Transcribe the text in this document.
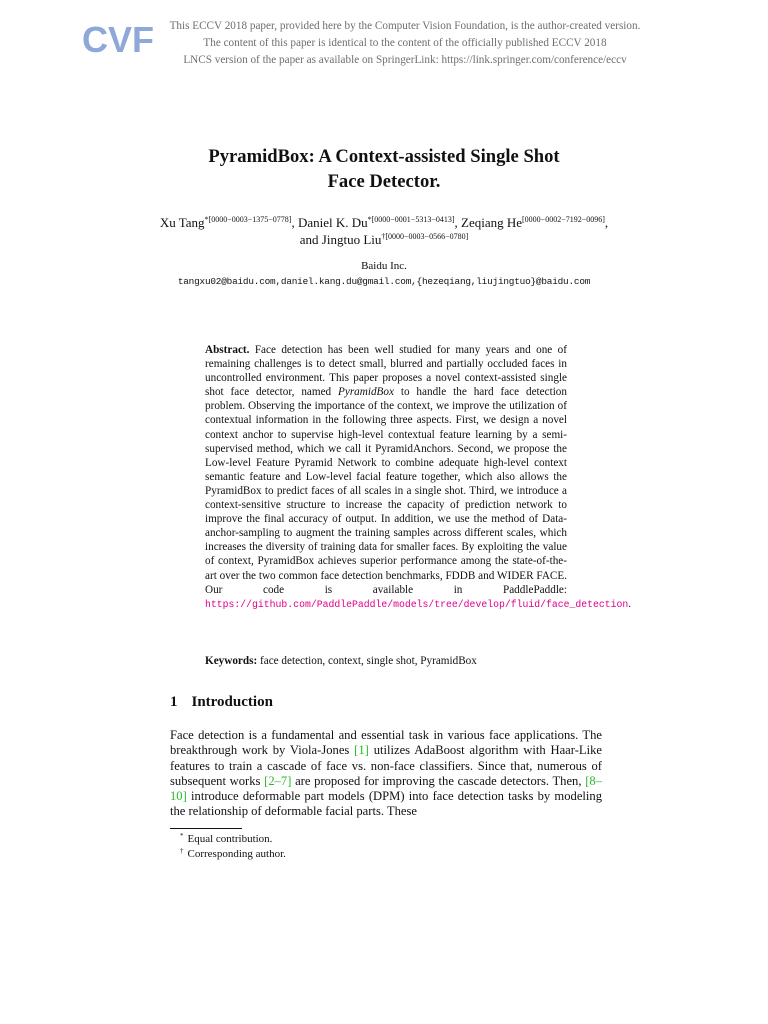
CVF	This ECCV 2018 paper, provided here by the Computer Vision Foundation, is the author-created version.
The content of this paper is identical to the content of the officially published ECCV 2018
LNCS version of the paper as available on SpringerLink: https://link.springer.com/conference/eccv
PyramidBox: A Context-assisted Single Shot
Face Detector.
Xu Tang$^{*[0000-0003-1375-0778]}$, Daniel K. $Du^{*[0000-0001-5313-0413]}$, Zeqiang He[0000−0002−7192−0096], and Jingtuo Liu$^{\dagger[0000-0003-0566-0780]}$
Baidu Inc.
tangxu02@baidu.com,daniel.kang.du@gmail.com,{hezeqiang,liujingtuo}@baidu.com
Abstract. Face detection has been well studied for many years and one of remaining challenges is to detect small, blurred and partially occluded faces in uncontrolled environment. This paper proposes a novel context-assisted single shot face detector, named PyramidBox to handle the hard face detection problem. Observing the importance of the context, we improve the utilization of contextual information in the following three aspects. First, we design a novel context anchor to supervise high-level contextual feature learning by a semi-supervised method, which we call it PyramidAnchors. Second, we propose the Low-level Feature Pyramid Network to combine adequate high-level context semantic feature and Low-level facial feature together, which also allows the PyramidBox to predict faces of all scales in a single shot. Third, we introduce a context-sensitive structure to increase the capacity of prediction network to improve the final accuracy of output. In addition, we use the method of Data-anchor-sampling to augment the training samples across different scales, which increases the diversity of training data for smaller faces. By exploiting the value of context, PyramidBox achieves superior performance among the state-of-the-art over the two common face detection benchmarks, FDDB and WIDER FACE. Our code is available in PaddlePaddle: https://github.com/PaddlePaddle/models/tree/develop/fluid/face_detection.
Keywords: face detection, context, single shot, PyramidBox
1 Introduction
Face detection is a fundamental and essential task in various face applications. The breakthrough work by Viola-Jones [1] utilizes AdaBoost algorithm with Haar-Like features to train a cascade of face vs. non-face classifiers. Since that, numerous of subsequent works [2–7] are proposed for improving the cascade detectors. Then, [8–10] introduce deformable part models (DPM) into face detection tasks by modeling the relationship of deformable facial parts. These
* Equal contribution.
† Corresponding author.
